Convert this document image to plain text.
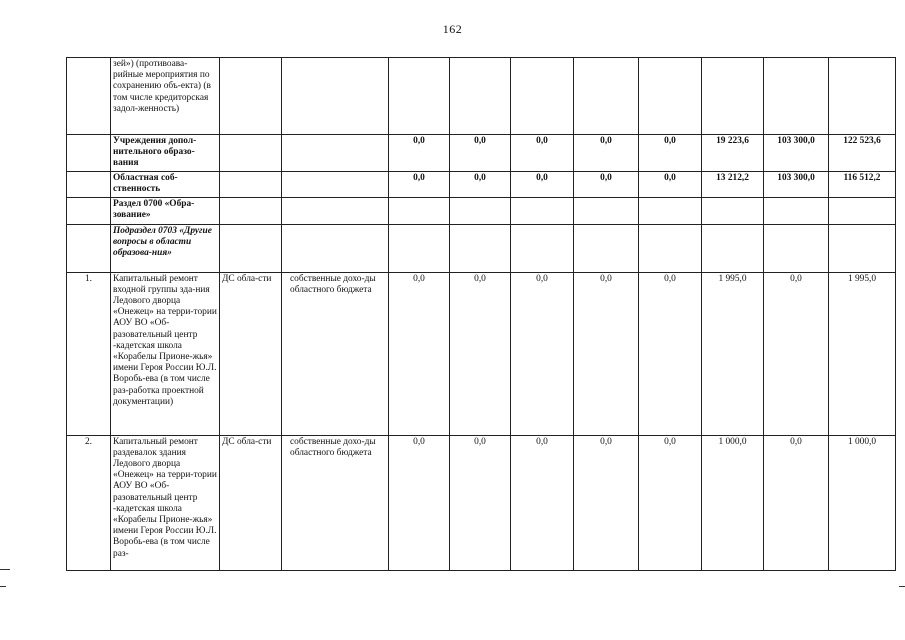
162
	зей») (противоава-рийные мероприятия по сохранению объ-екта) (в том числе кредиторская задол-женность)										
	Учреждения допол-нительного образо-вания			0,0	0,0	0,0	0,0	0,0	19 223,6	103 300,0	122 523,6
	Областная соб-ственность			0,0	0,0	0,0	0,0	0,0	13 212,2	103 300,0	116 512,2
	Раздел 0700 «Обра-зование»										
	Подраздел 0703 «Другие вопросы в области образова-ния»										
1.	Капитальный ремонт входной группы зда-ния Ледового дворца «Онежец» на терри-тории АОУ ВО «Об-разовательный центр -кадетская школа «Корабелы Прионе-жья» имени Героя России Ю.Л. Воробь-ева (в том числе раз-работка проектной документации)	ДС обла-сти	собственные дохо-ды областного бюджета	0,0	0,0	0,0	0,0	0,0	1 995,0	0,0	1 995,0
2.	Капитальный ремонт раздевалок здания Ледового дворца «Онежец» на терри-тории АОУ ВО «Об-разовательный центр -кадетская школа «Корабелы Прионе-жья» имени Героя России Ю.Л. Воробь-ева (в том числе раз-	ДС обла-сти	собственные дохо-ды областного бюджета	0,0	0,0	0,0	0,0	0,0	1 000,0	0,0	1 000,0
